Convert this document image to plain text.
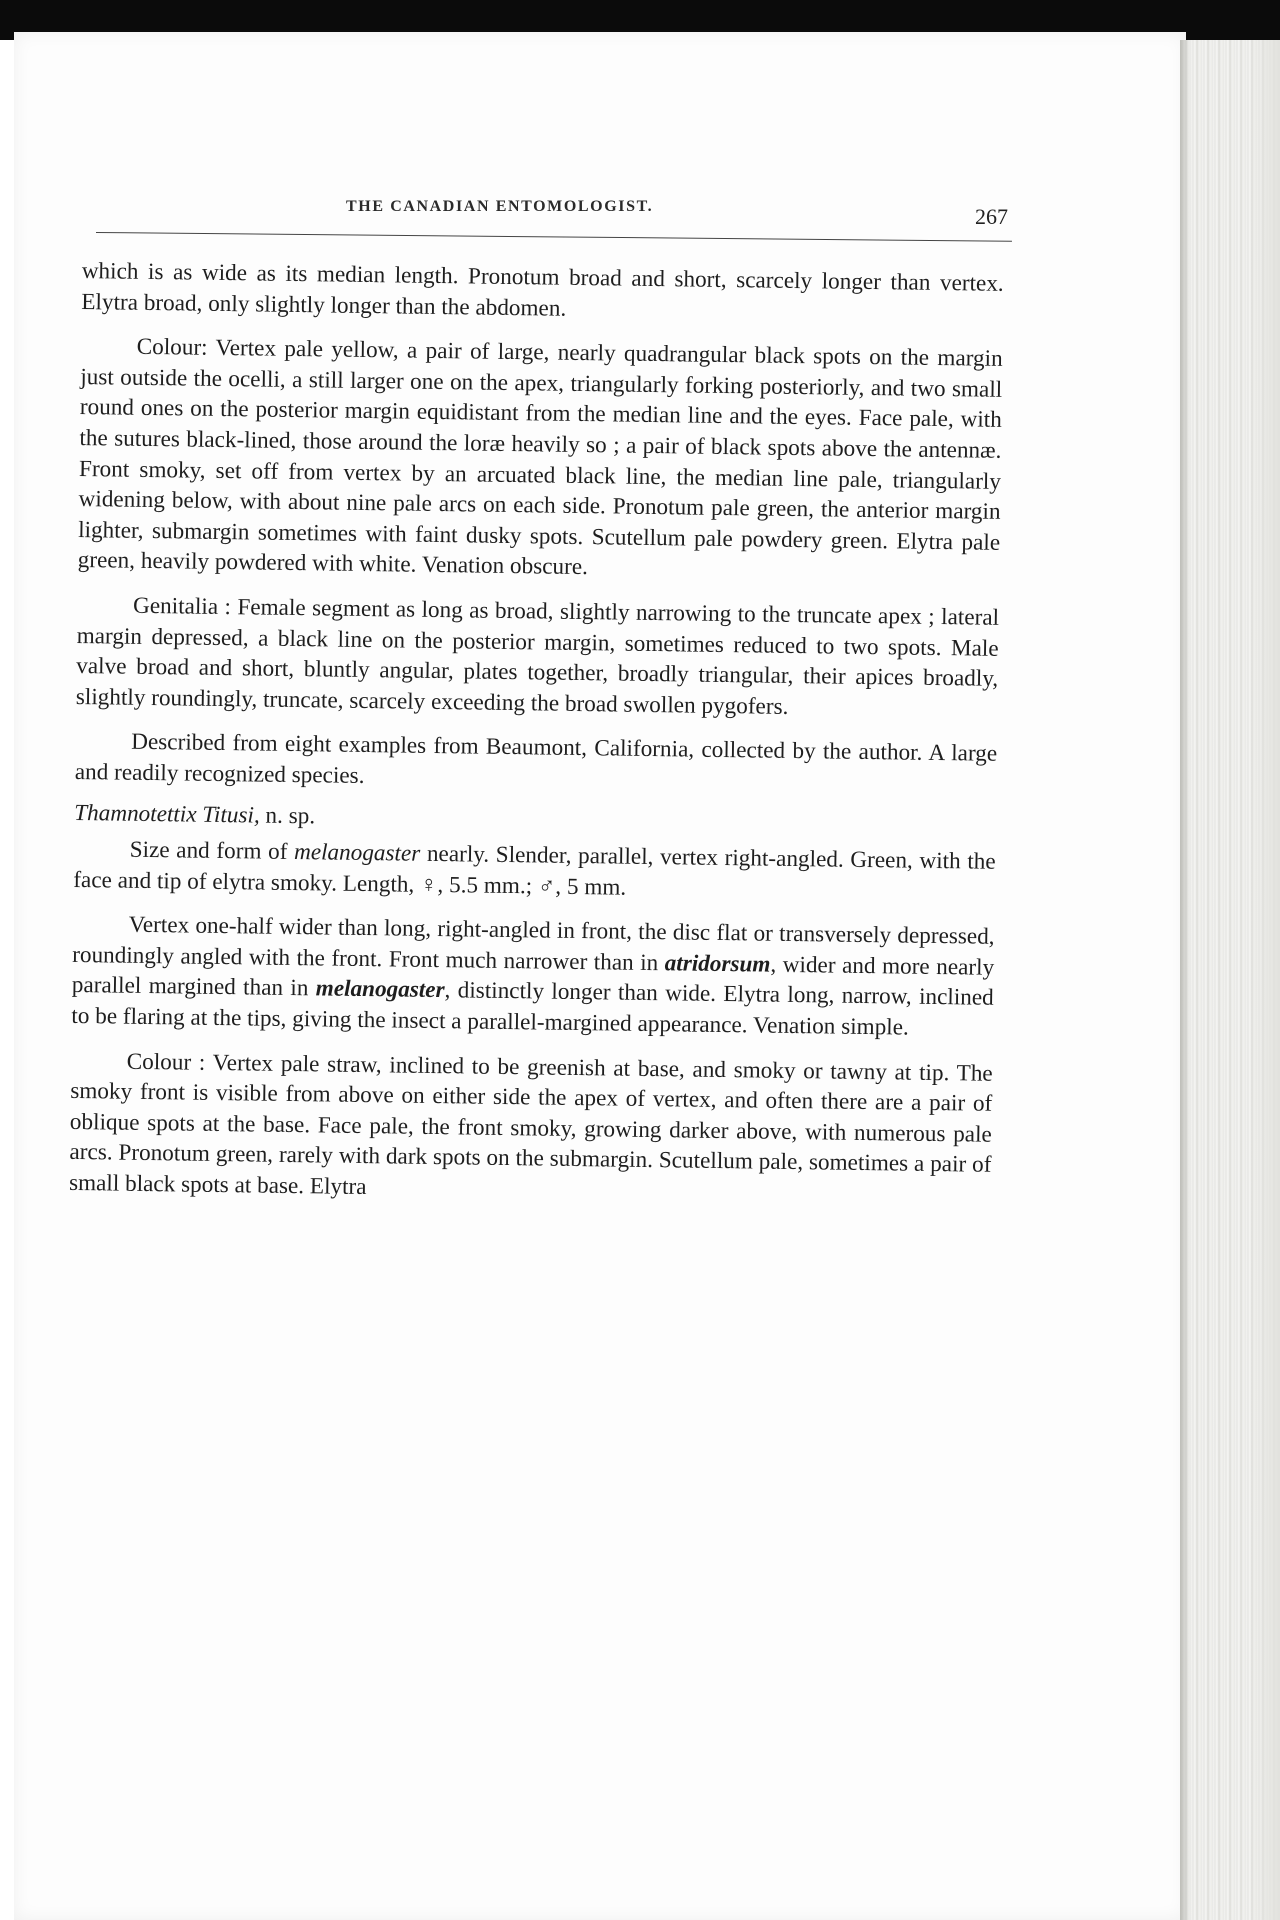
THE CANADIAN ENTOMOLOGIST.	267

which is as wide as its median length. Pronotum broad and short, scarcely longer than vertex. Elytra broad, only slightly longer than the abdomen.

Colour: Vertex pale yellow, a pair of large, nearly quadrangular black spots on the margin just outside the ocelli, a still larger one on the apex, triangularly forking posteriorly, and two small round ones on the posterior margin equidistant from the median line and the eyes. Face pale, with the sutures black-lined, those around the loræ heavily so ; a pair of black spots above the antennæ. Front smoky, set off from vertex by an arcuated black line, the median line pale, triangularly widening below, with about nine pale arcs on each side. Pronotum pale green, the anterior margin lighter, submargin sometimes with faint dusky spots. Scutellum pale powdery green. Elytra pale green, heavily powdered with white. Venation obscure.

Genitalia : Female segment as long as broad, slightly narrowing to the truncate apex ; lateral margin depressed, a black line on the posterior margin, sometimes reduced to two spots. Male valve broad and short, bluntly angular, plates together, broadly triangular, their apices broadly, slightly roundingly, truncate, scarcely exceeding the broad swollen pygofers.

Described from eight examples from Beaumont, California, collected by the author. A large and readily recognized species.

Thamnotettix Titusi, n. sp.

Size and form of melanogaster nearly. Slender, parallel, vertex right-angled. Green, with the face and tip of elytra smoky. Length, ♀, 5.5 mm.; ♂, 5 mm.

Vertex one-half wider than long, right-angled in front, the disc flat or transversely depressed, roundingly angled with the front. Front much narrower than in atridorsum, wider and more nearly parallel margined than in melanogaster, distinctly longer than wide. Elytra long, narrow, inclined to be flaring at the tips, giving the insect a parallel-margined appearance. Venation simple.

Colour : Vertex pale straw, inclined to be greenish at base, and smoky or tawny at tip. The smoky front is visible from above on either side the apex of vertex, and often there are a pair of oblique spots at the base. Face pale, the front smoky, growing darker above, with numerous pale arcs. Pronotum green, rarely with dark spots on the submargin. Scutellum pale, sometimes a pair of small black spots at base. Elytra
